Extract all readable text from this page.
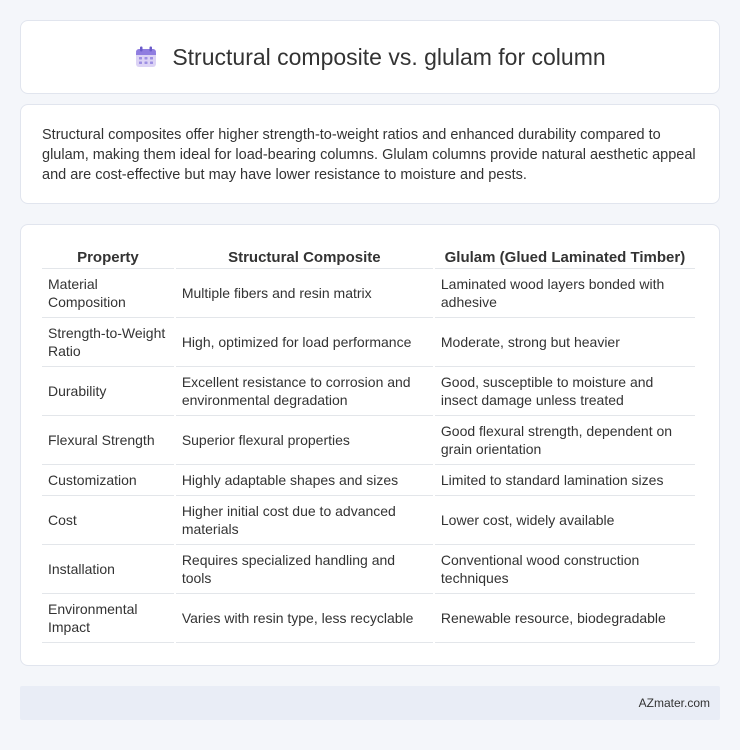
Structural composite vs. glulam for column

Structural composites offer higher strength-to-weight ratios and enhanced durability compared to glulam, making them ideal for load-bearing columns. Glulam columns provide natural aesthetic appeal and are cost-effective but may have lower resistance to moisture and pests.

Property	Structural Composite	Glulam (Glued Laminated Timber)
Material Composition	Multiple fibers and resin matrix	Laminated wood layers bonded with adhesive
Strength-to-Weight Ratio	High, optimized for load performance	Moderate, strong but heavier
Durability	Excellent resistance to corrosion and environmental degradation	Good, susceptible to moisture and insect damage unless treated
Flexural Strength	Superior flexural properties	Good flexural strength, dependent on grain orientation
Customization	Highly adaptable shapes and sizes	Limited to standard lamination sizes
Cost	Higher initial cost due to advanced materials	Lower cost, widely available
Installation	Requires specialized handling and tools	Conventional wood construction techniques
Environmental Impact	Varies with resin type, less recyclable	Renewable resource, biodegradable
AZmater.com
